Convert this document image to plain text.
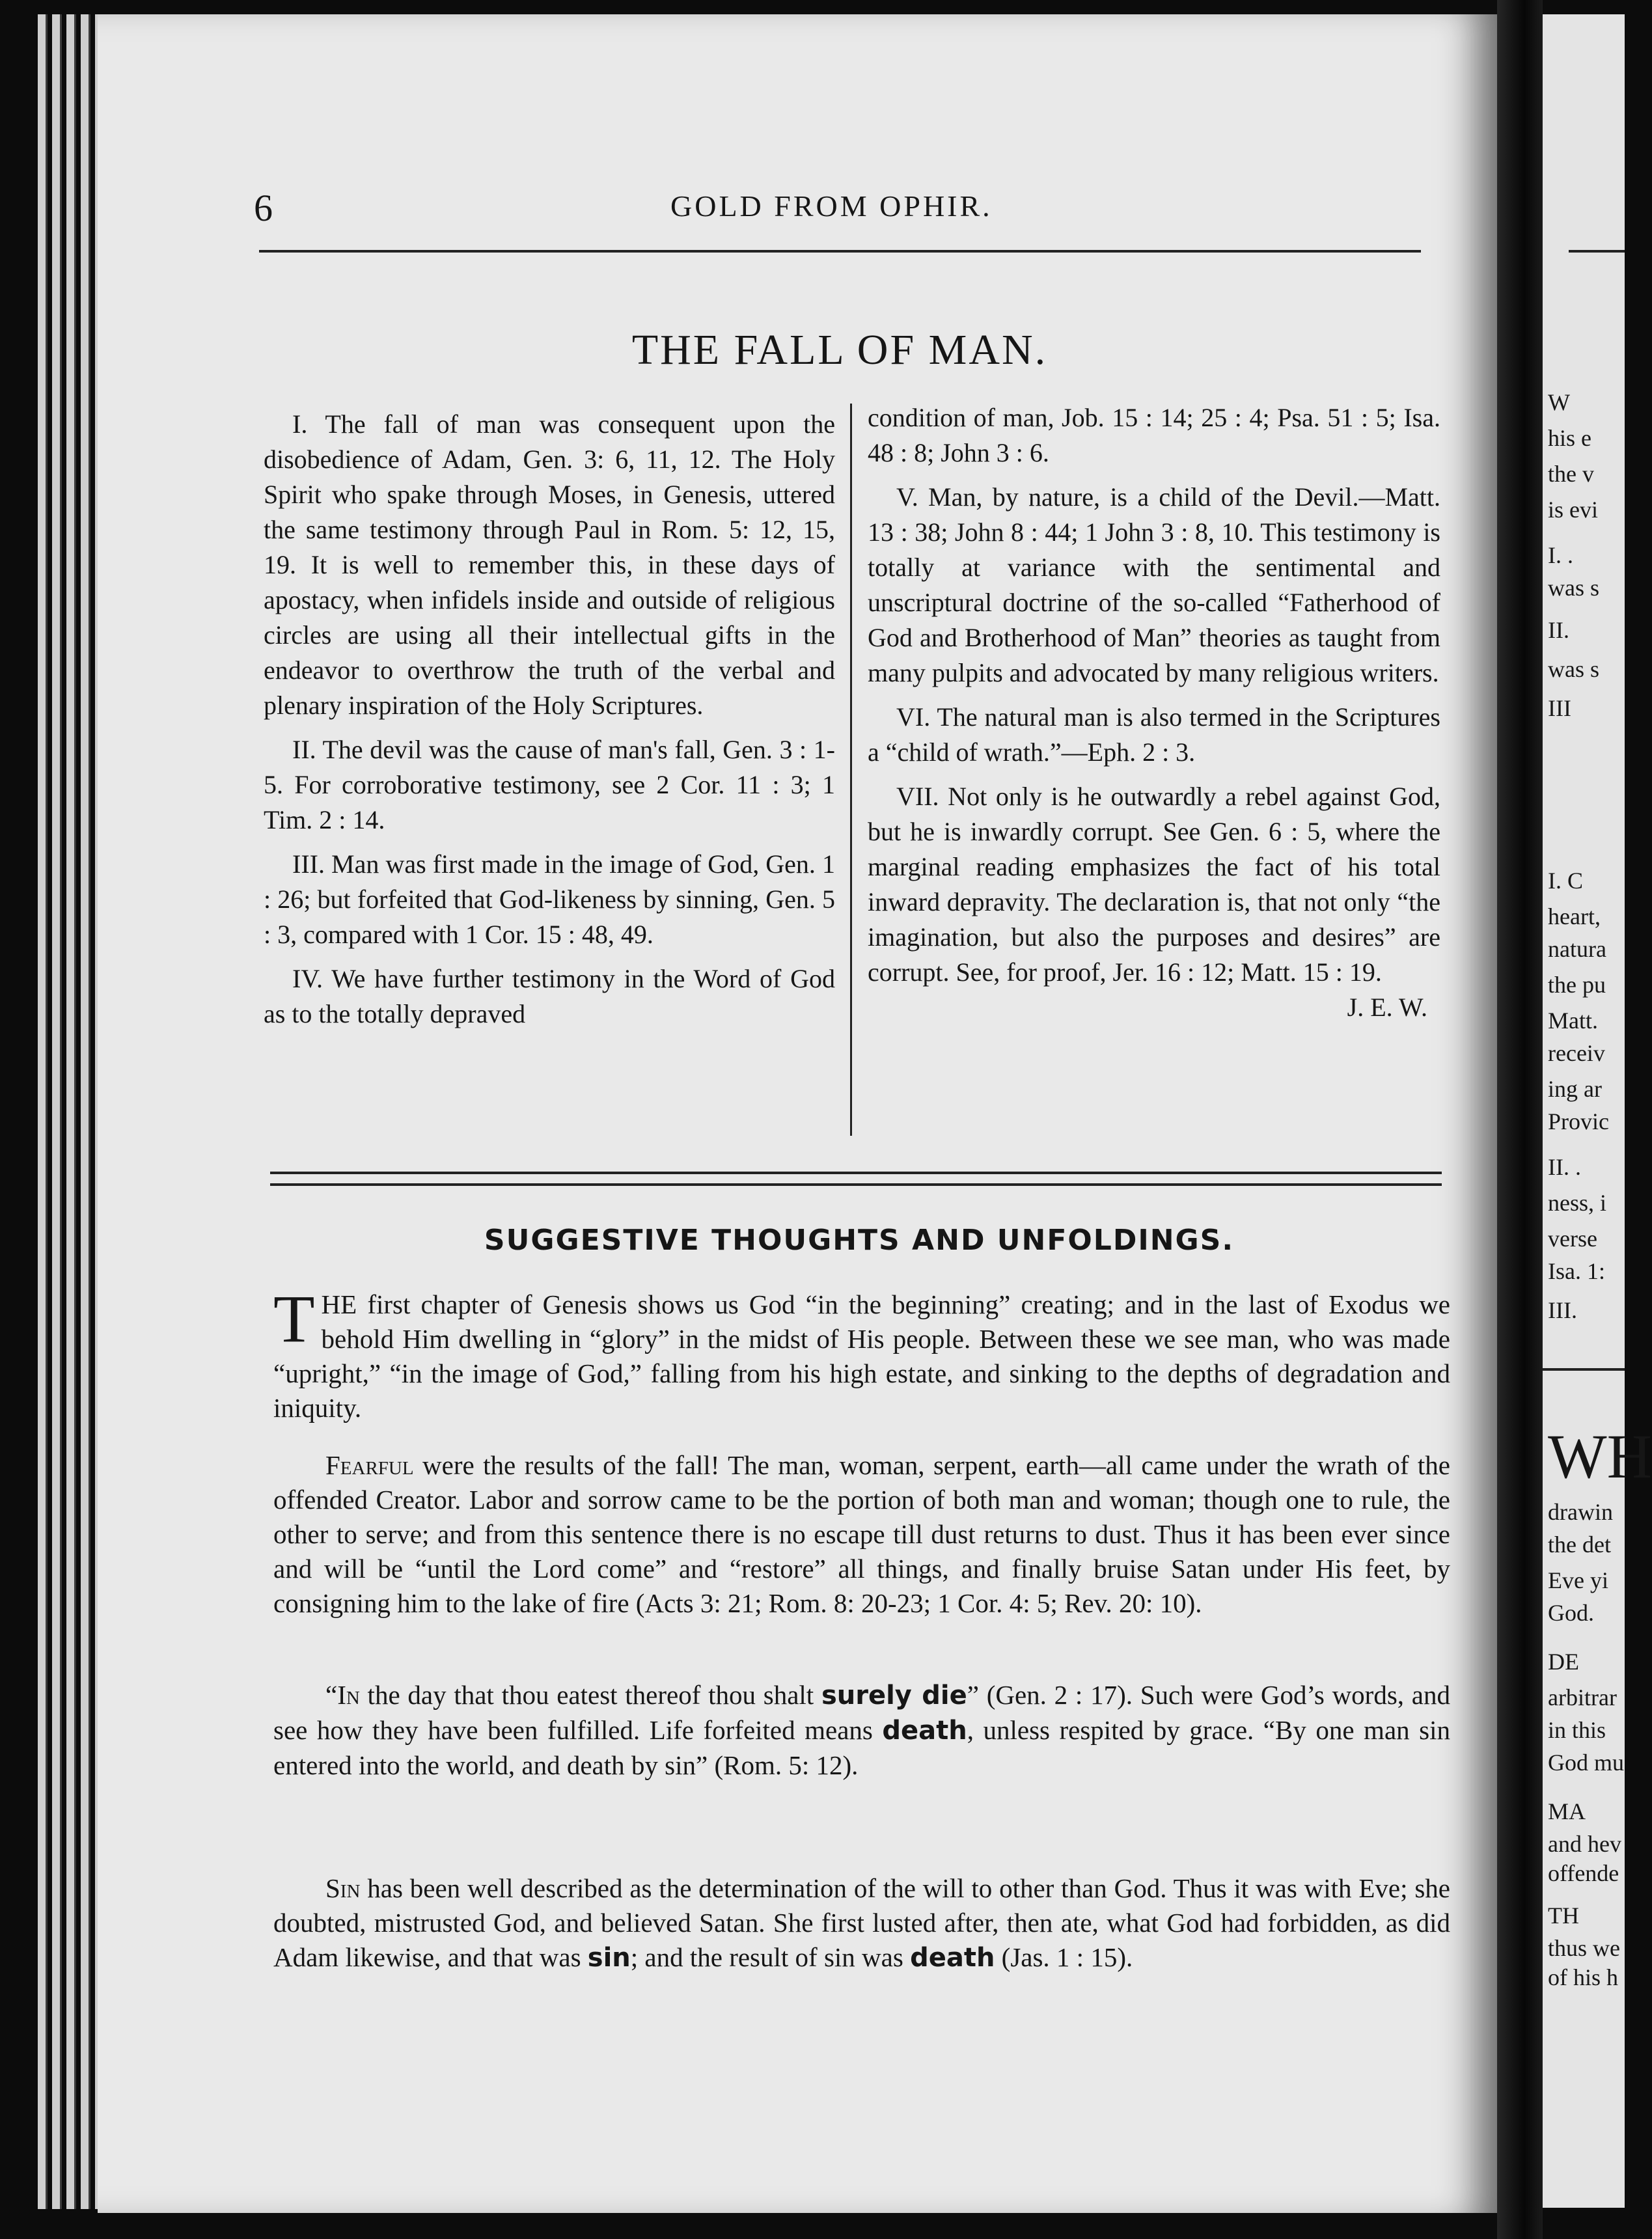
6	GOLD FROM OPHIR.
THE FALL OF MAN.

I. The fall of man was consequent upon the disobedience of Adam, Gen. 3: 6, 11, 12. The Holy Spirit who spake through Moses, in Genesis, uttered the same testimony through Paul in Rom. 5: 12, 15, 19. It is well to remember this, in these days of apostacy, when infidels inside and outside of religious circles are using all their intellectual gifts in the endeavor to overthrow the truth of the verbal and plenary inspiration of the Holy Scriptures.

II. The devil was the cause of man's fall, Gen. 3 : 1-5. For corroborative testimony, see 2 Cor. 11 : 3; 1 Tim. 2 : 14.

III. Man was first made in the image of God, Gen. 1 : 26; but forfeited that God-likeness by sinning, Gen. 5 : 3, compared with 1 Cor. 15 : 48, 49.

IV. We have further testimony in the Word of God as to the totally depraved

condition of man, Job. 15 : 14; 25 : 4; Psa. 51 : 5; Isa. 48 : 8; John 3 : 6.

V. Man, by nature, is a child of the Devil.—Matt. 13 : 38; John 8 : 44; 1 John 3 : 8, 10. This testimony is totally at variance with the sentimental and unscriptural doctrine of the so-called “Fatherhood of God and Brotherhood of Man” theories as taught from many pulpits and advocated by many religious writers.

VI. The natural man is also termed in the Scriptures a “child of wrath.”—Eph. 2 : 3.

VII. Not only is he outwardly a rebel against God, but he is inwardly corrupt. See Gen. 6 : 5, where the marginal reading emphasizes the fact of his total inward depravity. The declaration is, that not only “the imagination, but also the purposes and desires” are corrupt. See, for proof, Jer. 16 : 12; Matt. 15 : 19.
J. E. W.

SUGGESTIVE THOUGHTS AND UNFOLDINGS.

THE first chapter of Genesis shows us God “in the beginning” creating; and in the last of Exodus we behold Him dwelling in “glory” in the midst of His people. Between these we see man, who was made “upright,” “in the image of God,” falling from his high estate, and sinking to the depths of degradation and iniquity.

Fearful were the results of the fall! The man, woman, serpent, earth—all came under the wrath of the offended Creator. Labor and sorrow came to be the portion of both man and woman; though one to rule, the other to serve; and from this sentence there is no escape till dust returns to dust. Thus it has been ever since and will be “until the Lord come” and “restore” all things, and finally bruise Satan under His feet, by consigning him to the lake of fire (Acts 3: 21; Rom. 8: 20-23; 1 Cor. 4: 5; Rev. 20: 10).

“In the day that thou eatest thereof thou shalt surely die” (Gen. 2 : 17). Such were God’s words, and see how they have been fulfilled. Life forfeited means death, unless respited by grace. “By one man sin entered into the world, and death by sin” (Rom. 5: 12).

Sin has been well described as the determination of the will to other than God. Thus it was with Eve; she doubted, mistrusted God, and believed Satan. She first lusted after, then ate, what God had forbidden, as did Adam likewise, and that was sin; and the result of sin was death (Jas. 1 : 15).

W
his e
the v
is evi
I. .
was s
II.
was s
III
I. C
heart,
natura
the pu
Matt.
receiv
ing ar
Provic
II. .
ness, i
verse
Isa. 1:
III.
WH
drawin
the det
Eve yi
God.
DE
arbitrar
in this
God mu
MA
and hev
offende
TH
thus we
of his h
